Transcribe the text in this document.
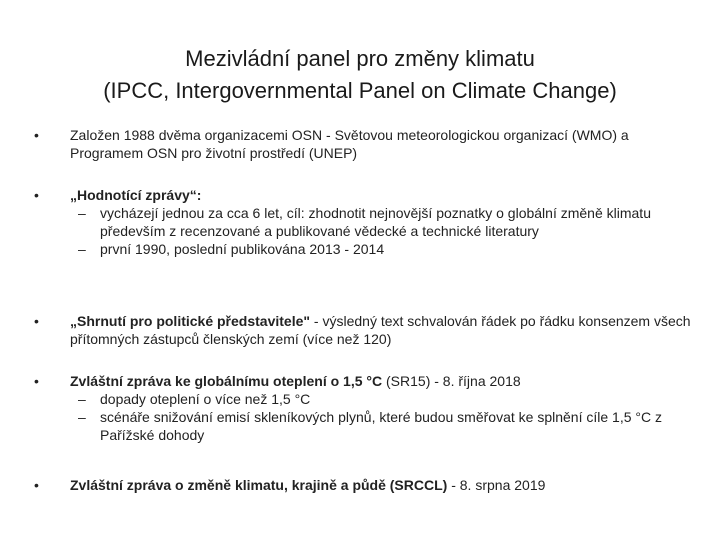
Mezivládní panel pro změny klimatu
(IPCC, Intergovernmental Panel on Climate Change)
•	Založen 1988 dvěma organizacemi OSN - Světovou meteorologickou organizací (WMO) a Programem OSN pro životní prostředí (UNEP)
•	„Hodnotící zprávy“:
– vycházejí jednou za cca 6 let, cíl: zhodnotit nejnovější poznatky o globální změně klimatu především z recenzované a publikované vědecké a technické literatury
– první 1990, poslední publikována 2013 - 2014
•	„Shrnutí pro politické představitele" - výsledný text schvalován řádek po řádku konsenzem všech přítomných zástupců členských zemí (více než 120)
•	Zvláštní zpráva ke globálnímu oteplení o 1,5 °C (SR15) - 8. října 2018
– dopady oteplení o více než 1,5 °C
– scénáře snižování emisí skleníkových plynů, které budou směřovat ke splnění cíle 1,5 °C z Pařížské dohody
•	Zvláštní zpráva o změně klimatu, krajině a půdě (SRCCL) - 8. srpna 2019
